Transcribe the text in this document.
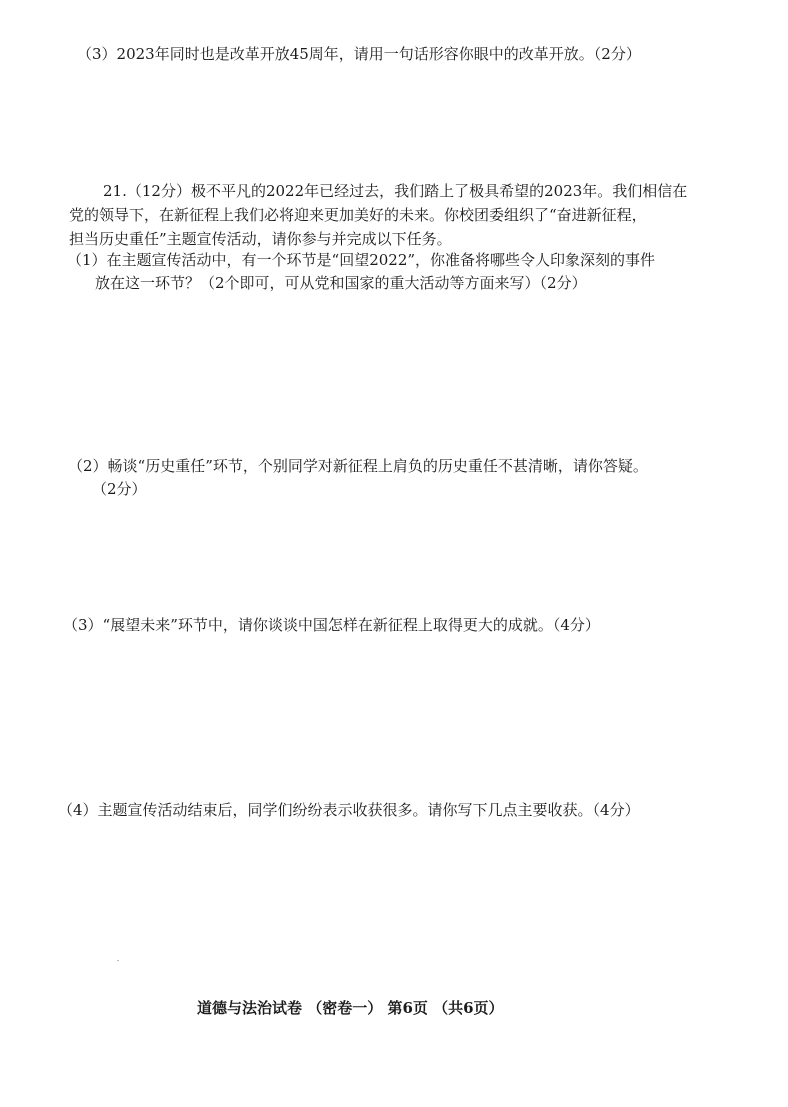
（3）2023年同时也是改革开放45周年，请用一句话形容你眼中的改革开放。（2分）
21.（12分）极不平凡的2022年已经过去，我们踏上了极具希望的2023年。我们相信在
党的领导下，在新征程上我们必将迎来更加美好的未来。你校团委组织了“奋进新征程，
担当历史重任”主题宣传活动，请你参与并完成以下任务。
（1）在主题宣传活动中，有一个环节是“回望2022”，你准备将哪些令人印象深刻的事件
放在这一环节？（2个即可，可从党和国家的重大活动等方面来写）（2分）
（2）畅谈“历史重任”环节，个别同学对新征程上肩负的历史重任不甚清晰，请你答疑。
（2分）
（3）“展望未来”环节中，请你谈谈中国怎样在新征程上取得更大的成就。（4分）
（4）主题宣传活动结束后，同学们纷纷表示收获很多。请你写下几点主要收获。（4分）
道德与法治试卷 （密卷一） 第6页 （共6页）
